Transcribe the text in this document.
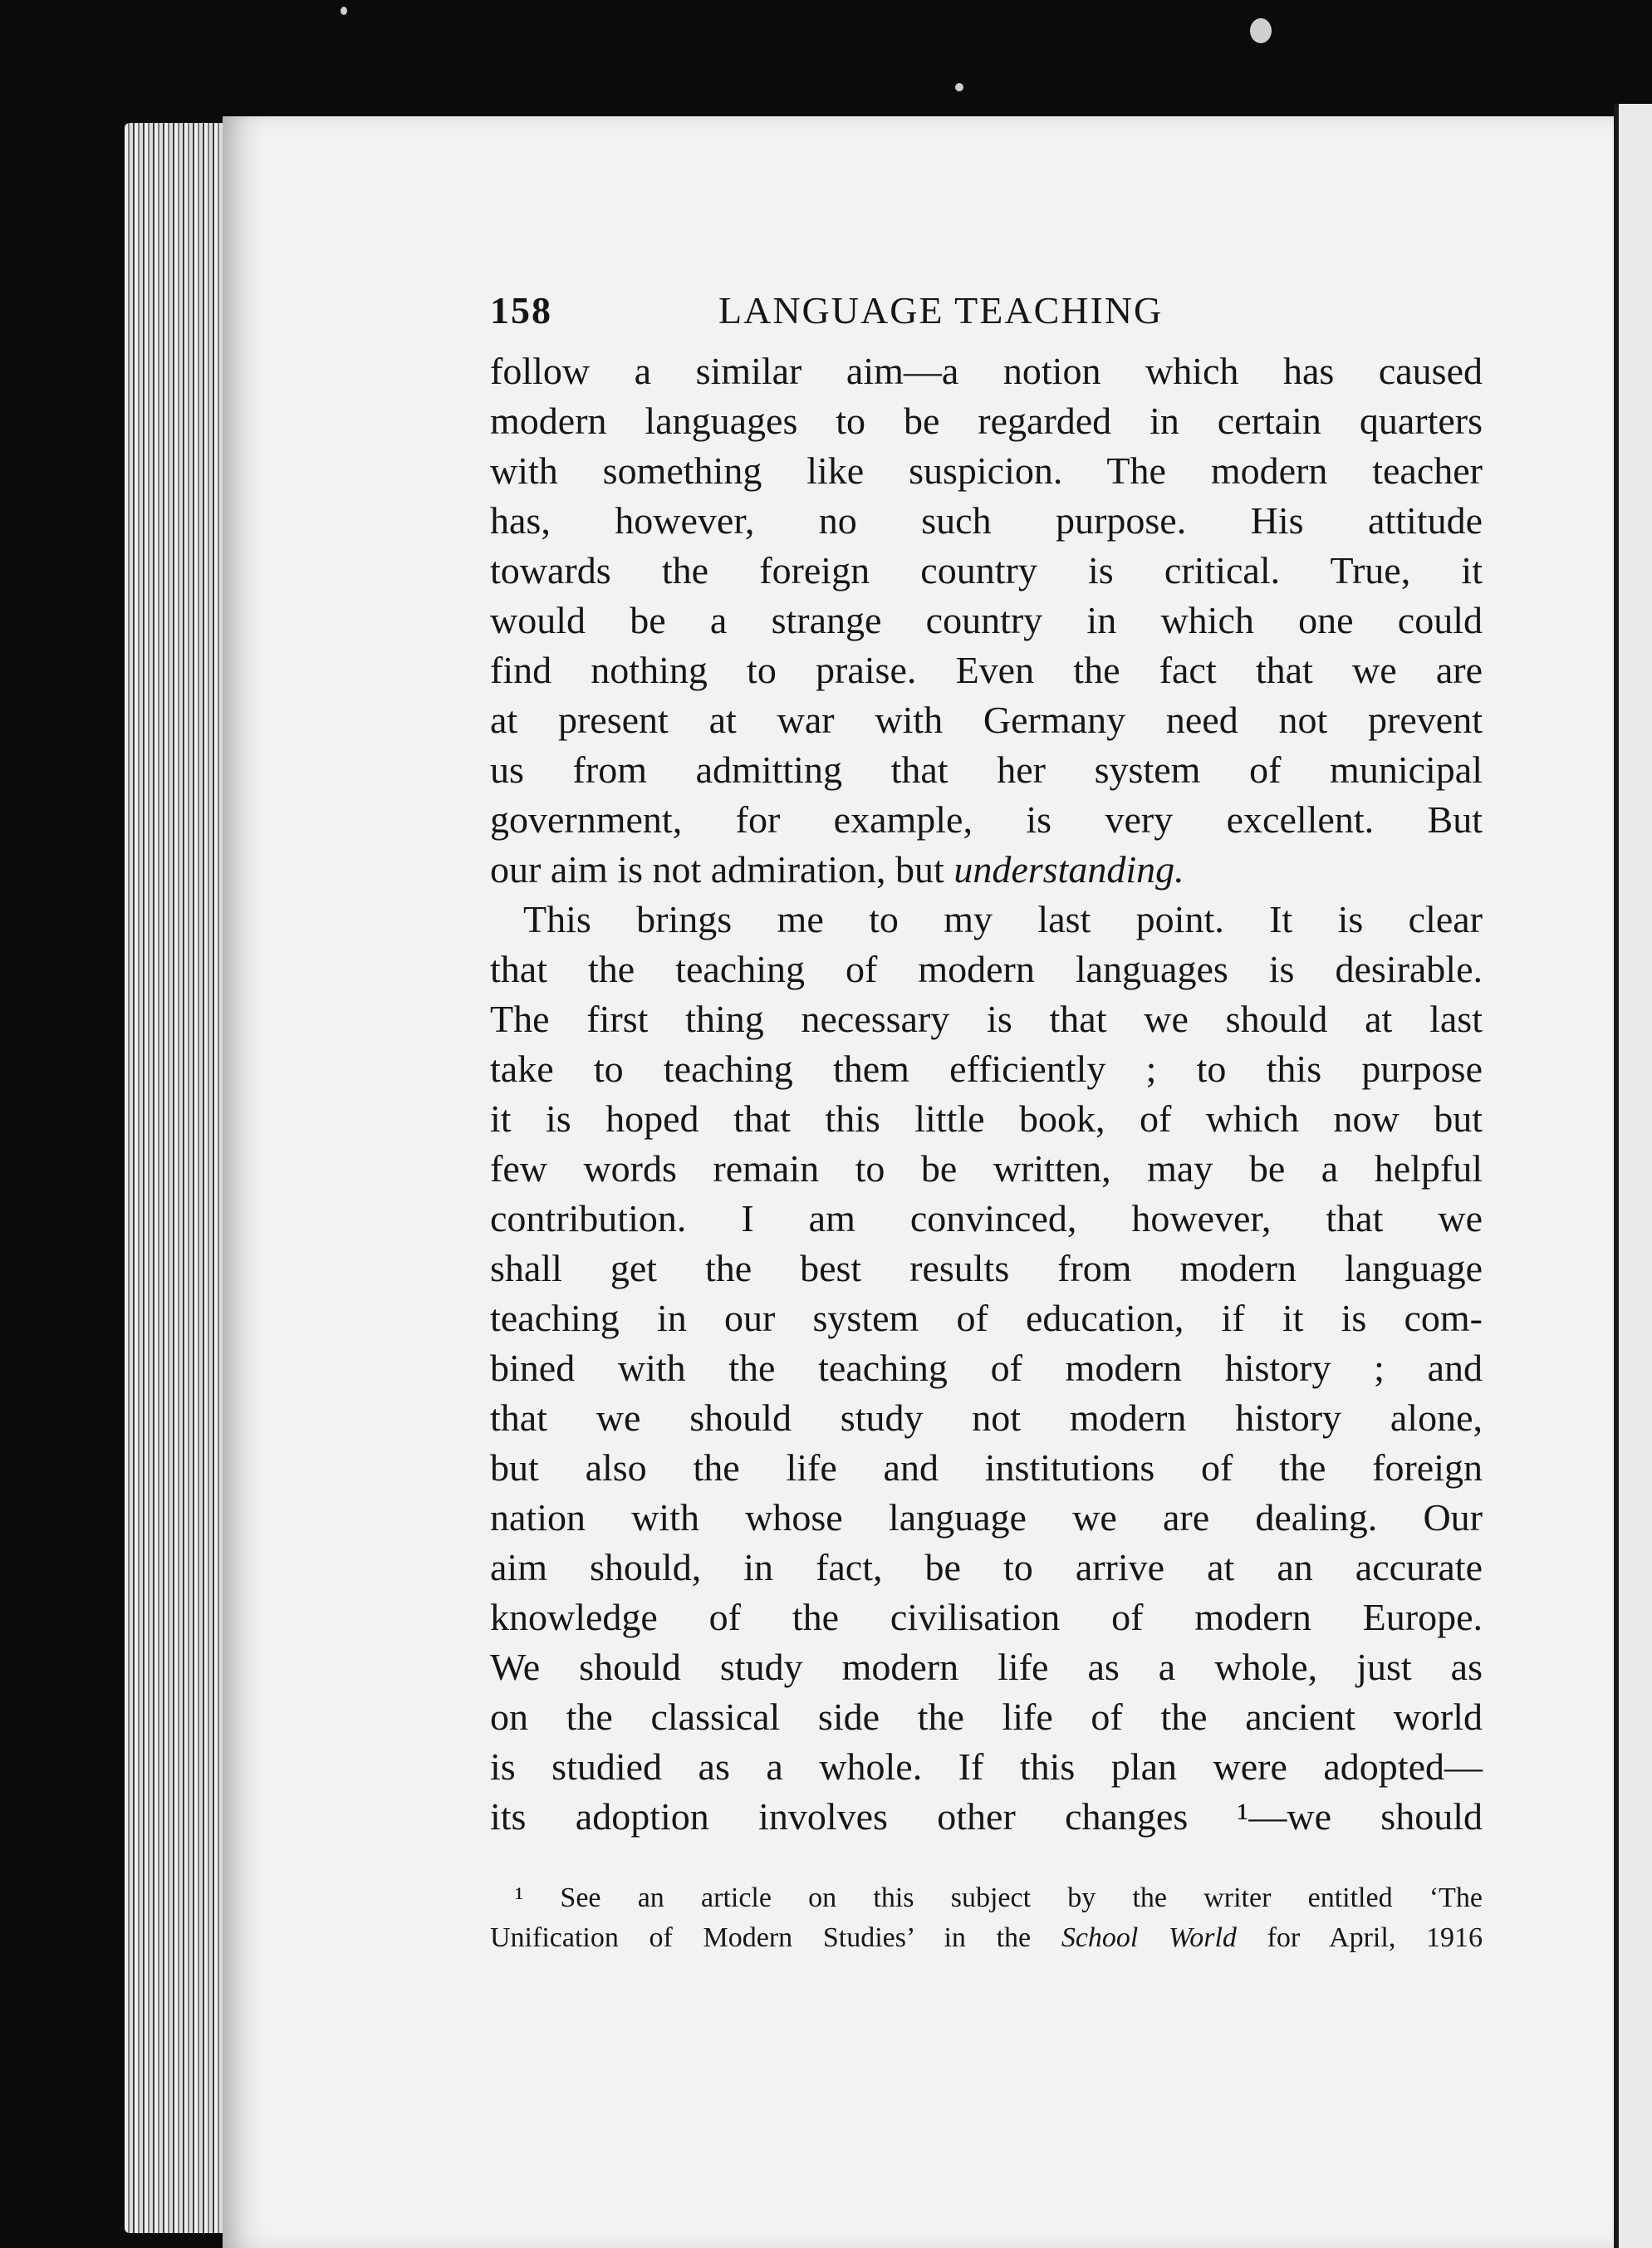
158	LANGUAGE TEACHING
follow a similar aim—a notion which has caused
modern languages to be regarded in certain quarters
with something like suspicion. The modern teacher
has, however, no such purpose. His attitude
towards the foreign country is critical. True, it
would be a strange country in which one could
find nothing to praise. Even the fact that we are
at present at war with Germany need not prevent
us from admitting that her system of municipal
government, for example, is very excellent. But
our aim is not admiration, but understanding.
This brings me to my last point. It is clear
that the teaching of modern languages is desirable.
The first thing necessary is that we should at last
take to teaching them efficiently ; to this purpose
it is hoped that this little book, of which now but
few words remain to be written, may be a helpful
contribution. I am convinced, however, that we
shall get the best results from modern language
teaching in our system of education, if it is com-
bined with the teaching of modern history ; and
that we should study not modern history alone,
but also the life and institutions of the foreign
nation with whose language we are dealing. Our
aim should, in fact, be to arrive at an accurate
knowledge of the civilisation of modern Europe.
We should study modern life as a whole, just as
on the classical side the life of the ancient world
is studied as a whole. If this plan were adopted—
its adoption involves other changes ¹—we should
¹ See an article on this subject by the writer entitled ‘The
Unification of Modern Studies’ in the School World for April, 1916
